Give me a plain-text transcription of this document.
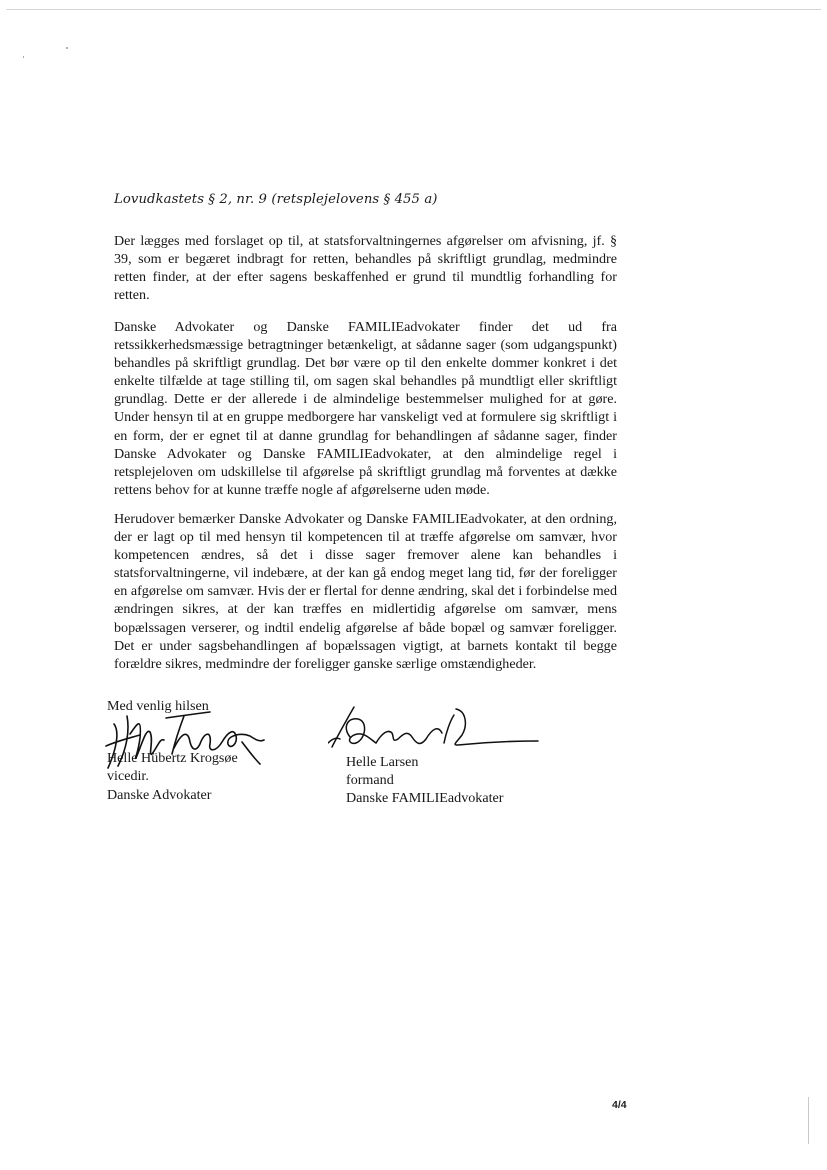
Lovudkastets § 2, nr. 9 (retsplejelovens § 455 a)

Der lægges med forslaget op til, at statsforvaltningernes afgørelser om afvisning, jf. § 39, som er begæret indbragt for retten, behandles på skriftligt grundlag, medmindre retten finder, at der efter sagens beskaffenhed er grund til mundtlig forhandling for retten.

Danske Advokater og Danske FAMILIEadvokater finder det ud fra retssikkerhedsmæssige betragtninger betænkeligt, at sådanne sager (som udgangspunkt) behandles på skriftligt grundlag. Det bør være op til den enkelte dommer konkret i det enkelte tilfælde at tage stilling til, om sagen skal behandles på mundtligt eller skriftligt grundlag. Dette er der allerede i de almindelige bestemmelser mulighed for at gøre. Under hensyn til at en gruppe medborgere har vanskeligt ved at formulere sig skriftligt i en form, der er egnet til at danne grundlag for behandlingen af sådanne sager, finder Danske Advokater og Danske FAMILIEadvokater, at den almindelige regel i retsplejeloven om udskillelse til afgørelse på skriftligt grundlag må forventes at dække rettens behov for at kunne træffe nogle af afgørelserne uden møde.

Herudover bemærker Danske Advokater og Danske FAMILIEadvokater, at den ordning, der er lagt op til med hensyn til kompetencen til at træffe afgørelse om samvær, hvor kompetencen ændres, så det i disse sager fremover alene kan behandles i statsforvaltningerne, vil indebære, at der kan gå endog meget lang tid, før der foreligger en afgørelse om samvær. Hvis der er flertal for denne ændring, skal det i forbindelse med ændringen sikres, at der kan træffes en midlertidig afgørelse om samvær, mens bopælssagen verserer, og indtil endelig afgørelse af både bopæl og samvær foreligger. Det er under sagsbehandlingen af bopælssagen vigtigt, at barnets kontakt til begge forældre sikres, medmindre der foreligger ganske særlige omstændigheder.

Med venlig hilsen
Helle Hübertz Krogsøe
vicedir.
Danske Advokater
Helle Larsen
formand
Danske FAMILIEadvokater
4/4
